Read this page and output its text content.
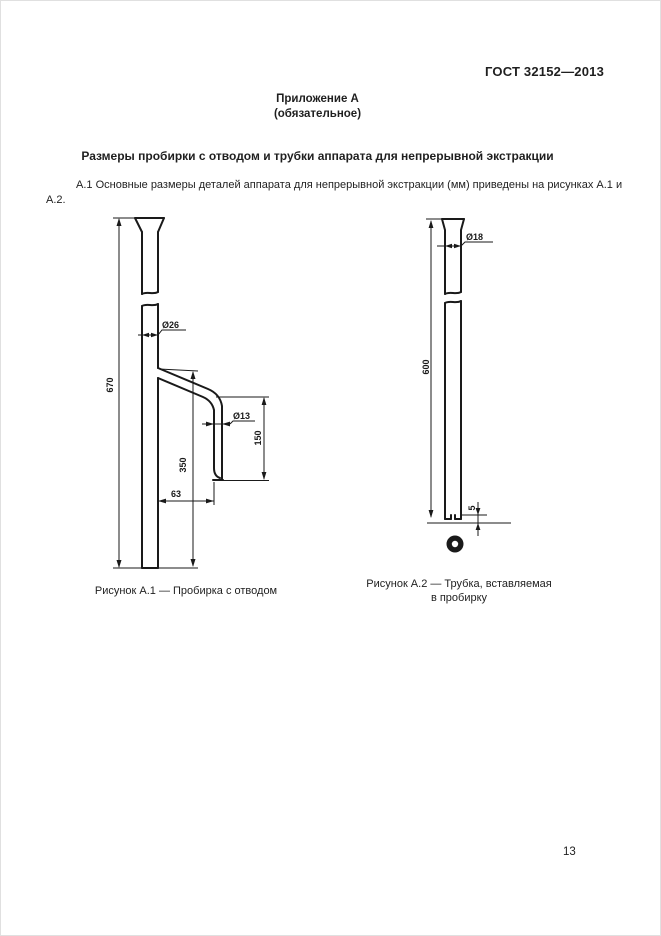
ГОСТ 32152—2013
Приложение А
(обязательное)
Размеры пробирки с отводом и трубки аппарата для непрерывной экстракции
А.1 Основные размеры деталей аппарата для непрерывной экстракции (мм) приведены на рисунках А.1 и
А.2.
670
350
Ø26
Ø13
150
63
600
Ø18
5
Рисунок А.1 — Пробирка с отводом
Рисунок А.2 — Трубка, вставляемая
в пробирку
13
